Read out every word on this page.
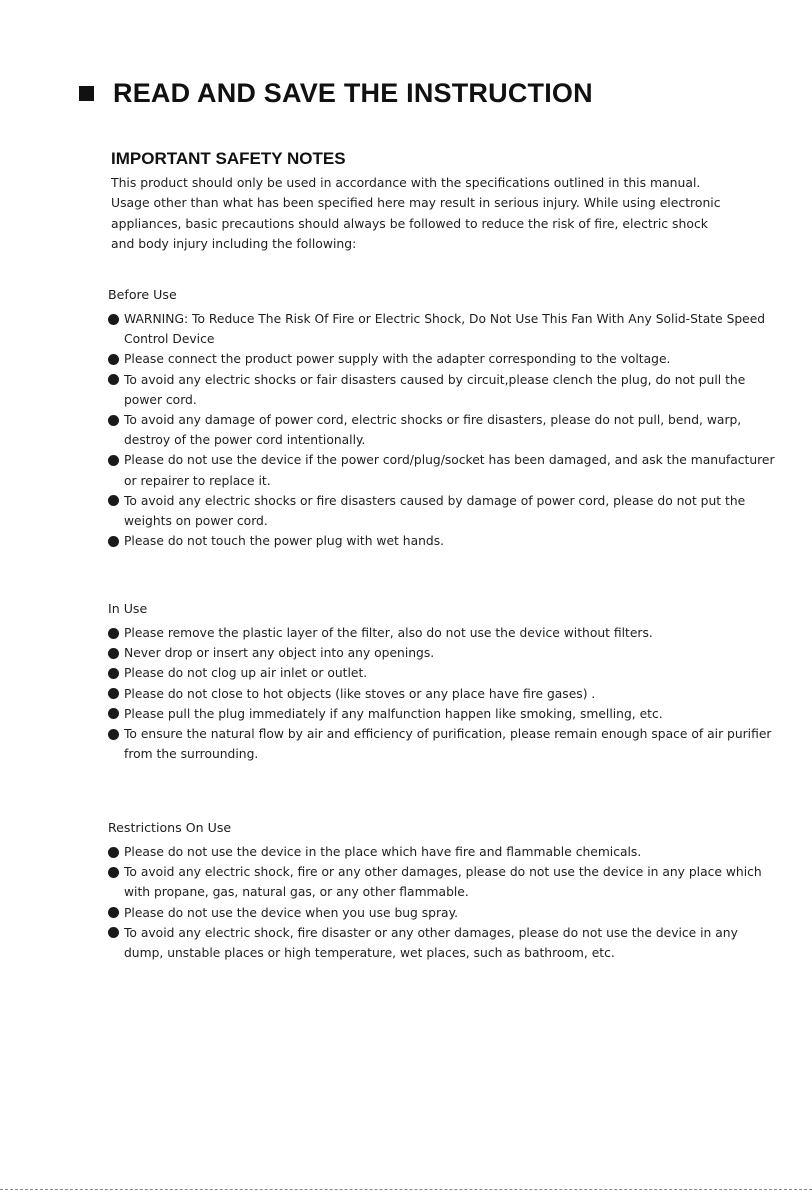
READ AND SAVE THE INSTRUCTION
IMPORTANT SAFETY NOTES
This product should only be used in accordance with the specifications outlined in this manual.
Usage other than what has been specified here may result in serious injury. While using electronic
appliances, basic precautions should always be followed to reduce the risk of fire, electric shock
and body injury including the following:
Before Use
WARNING: To Reduce The Risk Of Fire or Electric Shock, Do Not Use This Fan With Any Solid-State Speed Control Device
Please connect the product power supply with the adapter corresponding to the voltage.
To avoid any electric shocks or fair disasters caused by circuit,please clench the plug, do not pull the power cord.
To avoid any damage of power cord, electric shocks or fire disasters, please do not pull, bend, warp, destroy of the power cord intentionally.
Please do not use the device if the power cord/plug/socket has been damaged, and ask the manufacturer or repairer to replace it.
To avoid any electric shocks or fire disasters caused by damage of power cord, please do not put the weights on power cord.
Please do not touch the power plug with wet hands.
In Use
Please remove the plastic layer of the filter, also do not use the device without filters.
Never drop or insert any object into any openings.
Please do not clog up air inlet or outlet.
Please do not close to hot objects (like stoves or any place have fire gases) .
Please pull the plug immediately if any malfunction happen like smoking, smelling, etc.
To ensure the natural flow by air and efficiency of purification, please remain enough space of air purifier from the surrounding.
Restrictions On Use
Please do not use the device in the place which have fire and flammable chemicals.
To avoid any electric shock, fire or any other damages, please do not use the device in any place which with propane, gas, natural gas, or any other flammable.
Please do not use the device when you use bug spray.
To avoid any electric shock, fire disaster or any other damages, please do not use the device in any dump, unstable places or high temperature, wet places, such as bathroom, etc.
